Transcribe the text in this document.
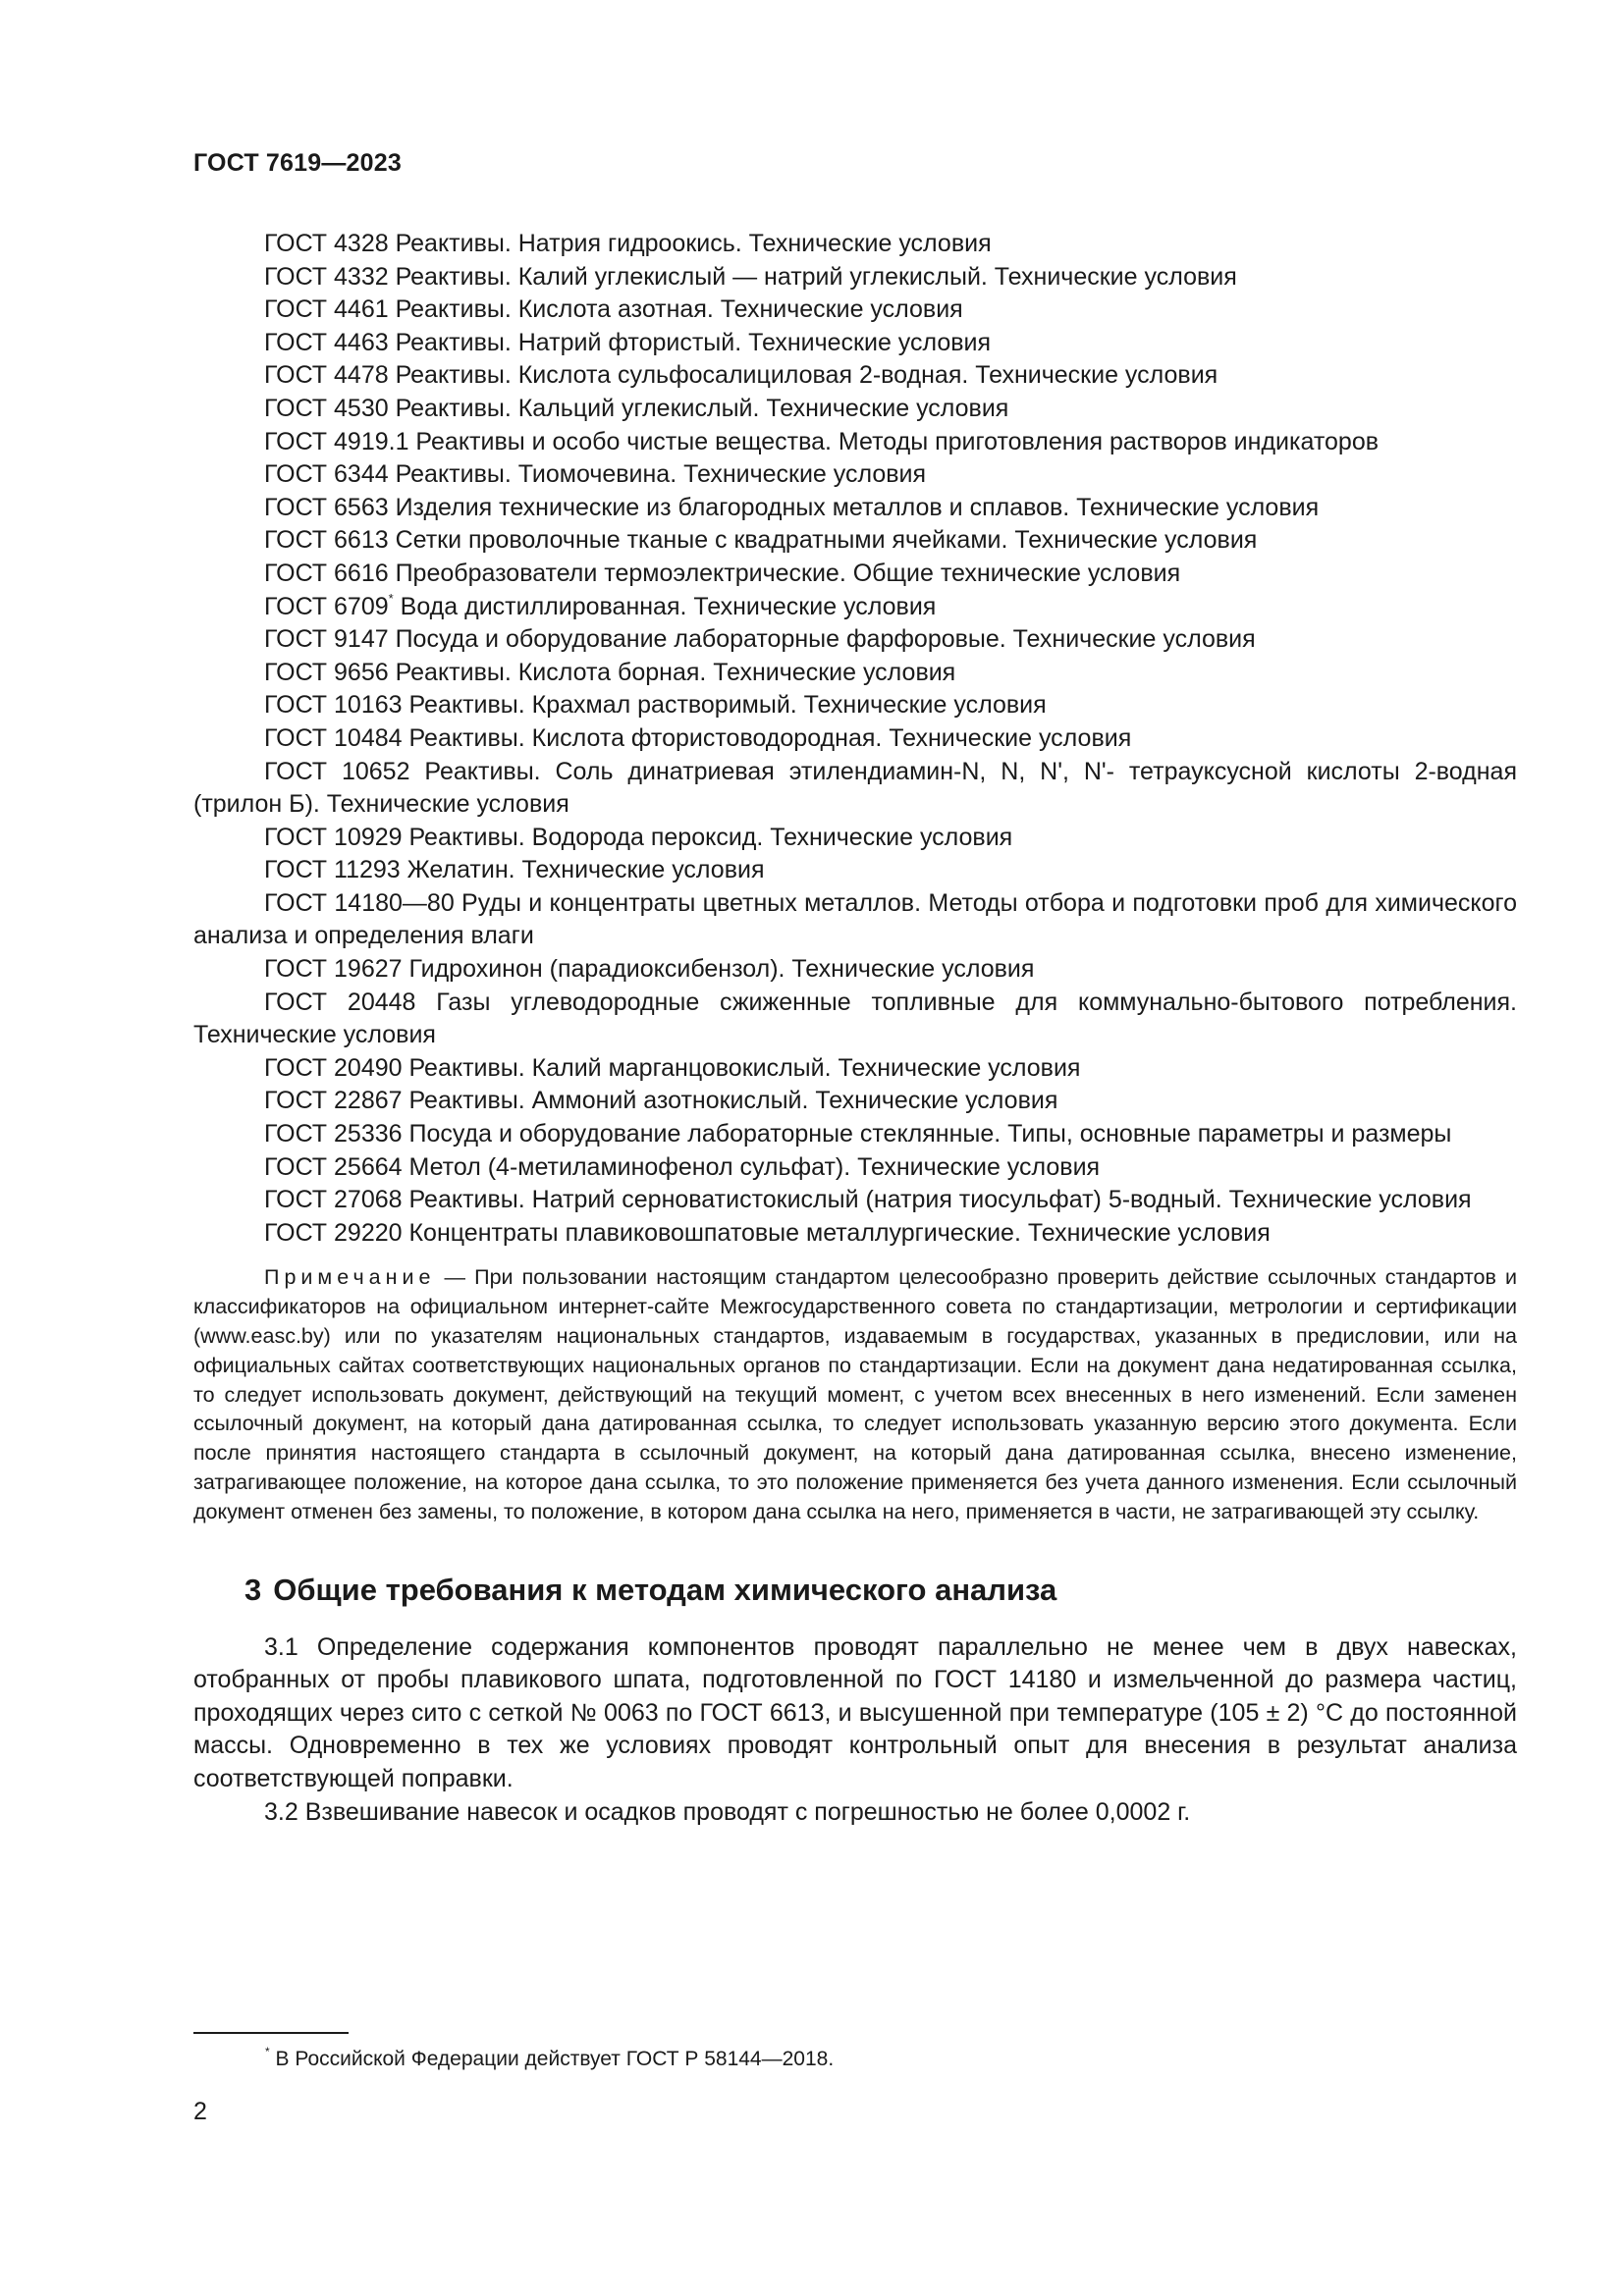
ГОСТ 7619—2023

ГОСТ 4328 Реактивы. Натрия гидроокись. Технические условия

ГОСТ 4332 Реактивы. Калий углекислый — натрий углекислый. Технические условия

ГОСТ 4461 Реактивы. Кислота азотная. Технические условия

ГОСТ 4463 Реактивы. Натрий фтористый. Технические условия

ГОСТ 4478 Реактивы. Кислота сульфосалициловая 2-водная. Технические условия

ГОСТ 4530 Реактивы. Кальций углекислый. Технические условия

ГОСТ 4919.1 Реактивы и особо чистые вещества. Методы приготовления растворов индикаторов

ГОСТ 6344 Реактивы. Тиомочевина. Технические условия

ГОСТ 6563 Изделия технические из благородных металлов и сплавов. Технические условия

ГОСТ 6613 Сетки проволочные тканые с квадратными ячейками. Технические условия

ГОСТ 6616 Преобразователи термоэлектрические. Общие технические условия

ГОСТ 6709* Вода дистиллированная. Технические условия

ГОСТ 9147 Посуда и оборудование лабораторные фарфоровые. Технические условия

ГОСТ 9656 Реактивы. Кислота борная. Технические условия

ГОСТ 10163 Реактивы. Крахмал растворимый. Технические условия

ГОСТ 10484 Реактивы. Кислота фтористоводородная. Технические условия

ГОСТ 10652 Реактивы. Соль динатриевая этилендиамин-N, N, N', N'- тетрауксусной кислоты 2-водная (трилон Б). Технические условия

ГОСТ 10929 Реактивы. Водорода пероксид. Технические условия

ГОСТ 11293 Желатин. Технические условия

ГОСТ 14180—80 Руды и концентраты цветных металлов. Методы отбора и подготовки проб для химического анализа и определения влаги

ГОСТ 19627 Гидрохинон (парадиоксибензол). Технические условия

ГОСТ 20448 Газы углеводородные сжиженные топливные для коммунально-бытового потребления. Технические условия

ГОСТ 20490 Реактивы. Калий марганцовокислый. Технические условия

ГОСТ 22867 Реактивы. Аммоний азотнокислый. Технические условия

ГОСТ 25336 Посуда и оборудование лабораторные стеклянные. Типы, основные параметры и размеры

ГОСТ 25664 Метол (4-метиламинофенол сульфат). Технические условия

ГОСТ 27068 Реактивы. Натрий серноватистокислый (натрия тиосульфат) 5-водный. Технические условия

ГОСТ 29220 Концентраты плавиковошпатовые металлургические. Технические условия

Примечание — При пользовании настоящим стандартом целесообразно проверить действие ссылочных стандартов и классификаторов на официальном интернет-сайте Межгосударственного совета по стандартизации, метрологии и сертификации (www.easc.by) или по указателям национальных стандартов, издаваемым в государствах, указанных в предисловии, или на официальных сайтах соответствующих национальных органов по стандартизации. Если на документ дана недатированная ссылка, то следует использовать документ, действующий на текущий момент, с учетом всех внесенных в него изменений. Если заменен ссылочный документ, на который дана датированная ссылка, то следует использовать указанную версию этого документа. Если после принятия настоящего стандарта в ссылочный документ, на который дана датированная ссылка, внесено изменение, затрагивающее положение, на которое дана ссылка, то это положение применяется без учета данного изменения. Если ссылочный документ отменен без замены, то положение, в котором дана ссылка на него, применяется в части, не затрагивающей эту ссылку.
3 Общие требования к методам химического анализа

3.1 Определение содержания компонентов проводят параллельно не менее чем в двух навесках, отобранных от пробы плавикового шпата, подготовленной по ГОСТ 14180 и измельченной до размера частиц, проходящих через сито с сеткой № 0063 по ГОСТ 6613, и высушенной при температуре (105 ± 2) °С до постоянной массы. Одновременно в тех же условиях проводят контрольный опыт для внесения в результат анализа соответствующей поправки.

3.2 Взвешивание навесок и осадков проводят с погрешностью не более 0,0002 г.

* В Российской Федерации действует ГОСТ Р 58144—2018.
2
